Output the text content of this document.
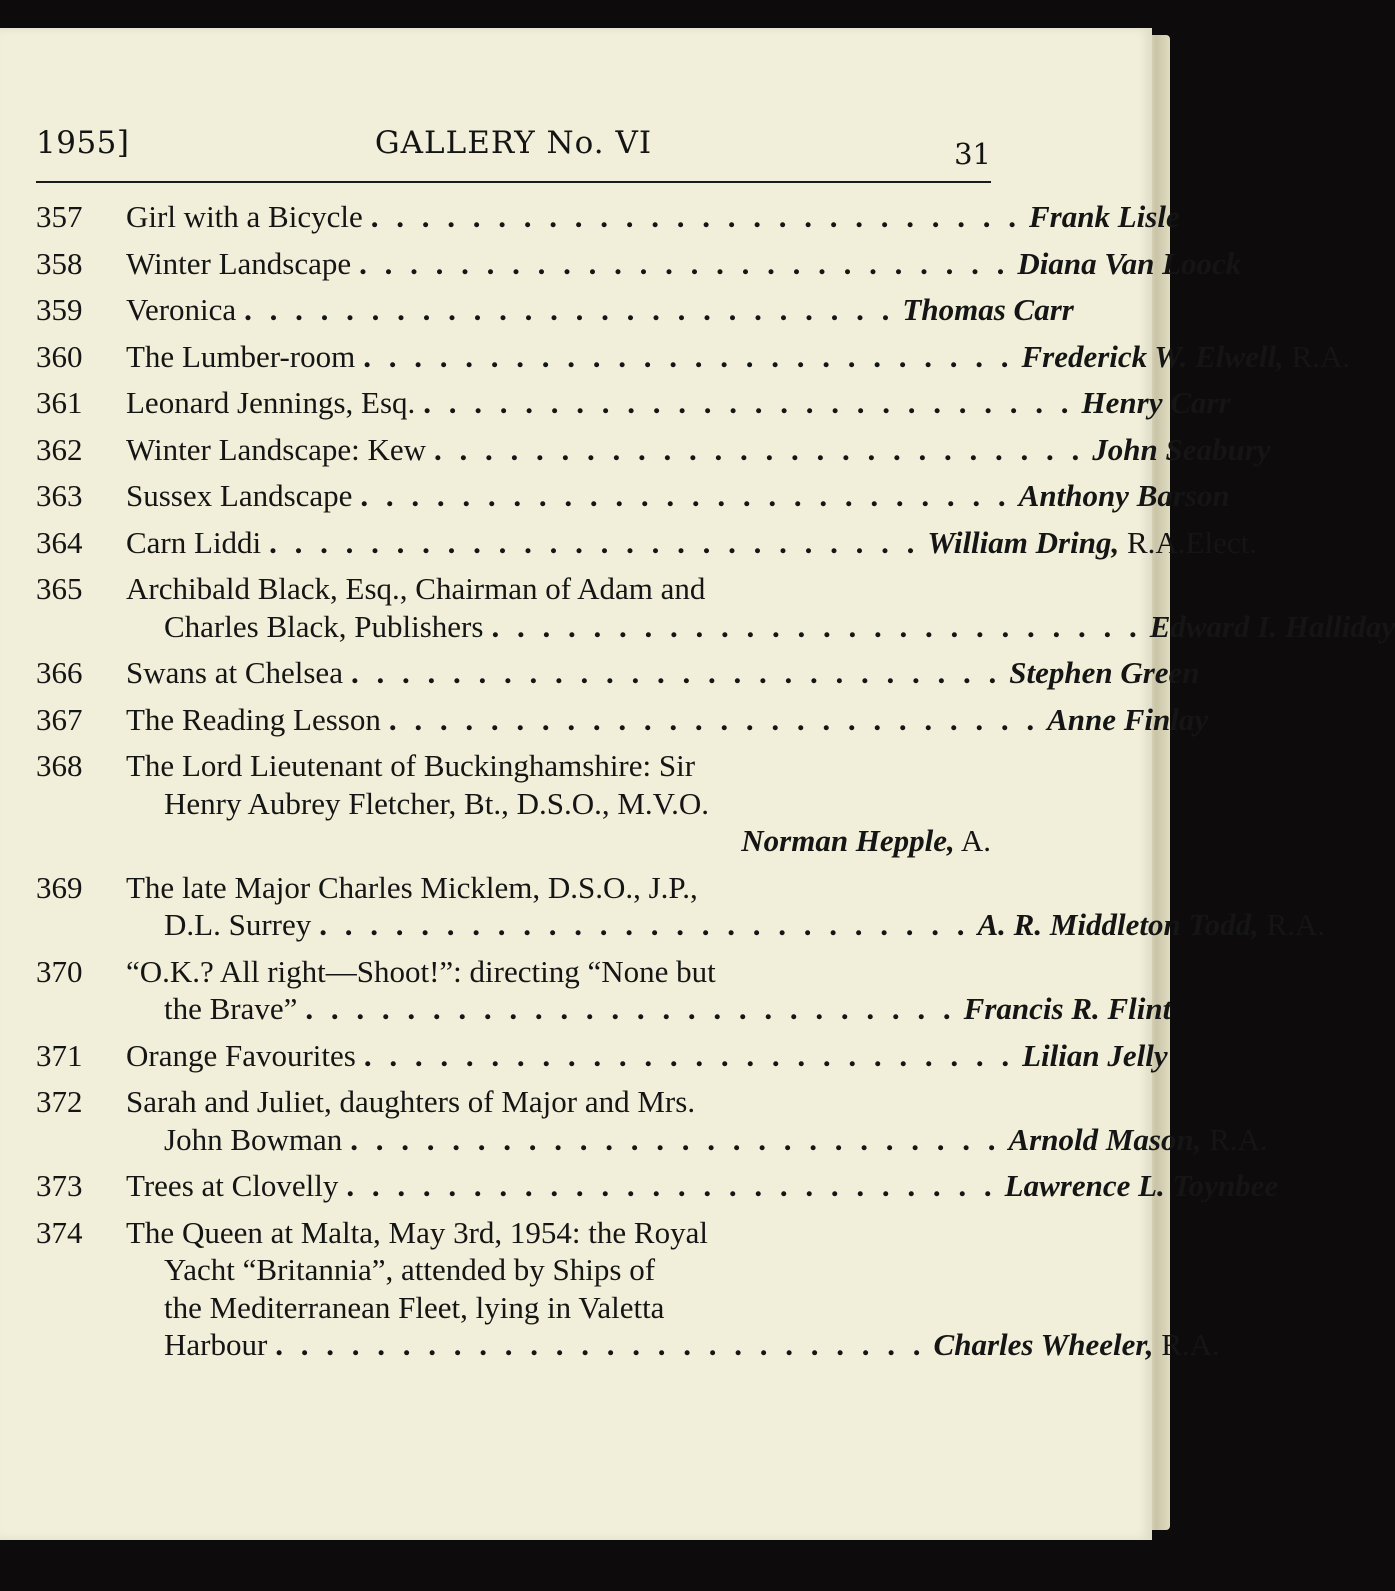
1955]	GALLERY No. VI	31
357	Girl with a Bicycle . . . . . . . . . . . . . . . . . . . . . . . . . . Frank Lisle
358	Winter Landscape . . . . . . . . . . . . . . . . . . . . . . . . . . Diana Van Loock
359	Veronica . . . . . . . . . . . . . . . . . . . . . . . . . . Thomas Carr
360	The Lumber-room . . . . . . . . . . . . . . . . . . . . . . . . . . Frederick W. Elwell, R.A.
361	Leonard Jennings, Esq. . . . . . . . . . . . . . . . . . . . . . . . . . . Henry Carr
362	Winter Landscape: Kew . . . . . . . . . . . . . . . . . . . . . . . . . . John Seabury
363	Sussex Landscape . . . . . . . . . . . . . . . . . . . . . . . . . . Anthony Barson
364	Carn Liddi . . . . . . . . . . . . . . . . . . . . . . . . . . William Dring, R.A.Elect.
365	Archibald Black, Esq., Chairman of Adam and
Charles Black, Publishers . . . . . . . . . . . . . . . . . . . . . . . . . . Edward I. Halliday
366	Swans at Chelsea . . . . . . . . . . . . . . . . . . . . . . . . . . Stephen Green
367	The Reading Lesson . . . . . . . . . . . . . . . . . . . . . . . . . . Anne Finlay
368	The Lord Lieutenant of Buckinghamshire: Sir
Henry Aubrey Fletcher, Bt., D.S.O., M.V.O.
Norman Hepple, A.
369	The late Major Charles Micklem, D.S.O., J.P.,
D.L. Surrey . . . . . . . . . . . . . . . . . . . . . . . . . . A. R. Middleton Todd, R.A.
370	“O.K.? All right—Shoot!”: directing “None but
the Brave” . . . . . . . . . . . . . . . . . . . . . . . . . . Francis R. Flint
371	Orange Favourites . . . . . . . . . . . . . . . . . . . . . . . . . . Lilian Jelly
372	Sarah and Juliet, daughters of Major and Mrs.
John Bowman . . . . . . . . . . . . . . . . . . . . . . . . . . Arnold Mason, R.A.
373	Trees at Clovelly . . . . . . . . . . . . . . . . . . . . . . . . . . Lawrence L. Toynbee
374	The Queen at Malta, May 3rd, 1954: the Royal
Yacht “Britannia”, attended by Ships of
the Mediterranean Fleet, lying in Valetta
Harbour . . . . . . . . . . . . . . . . . . . . . . . . . . Charles Wheeler, R.A.
